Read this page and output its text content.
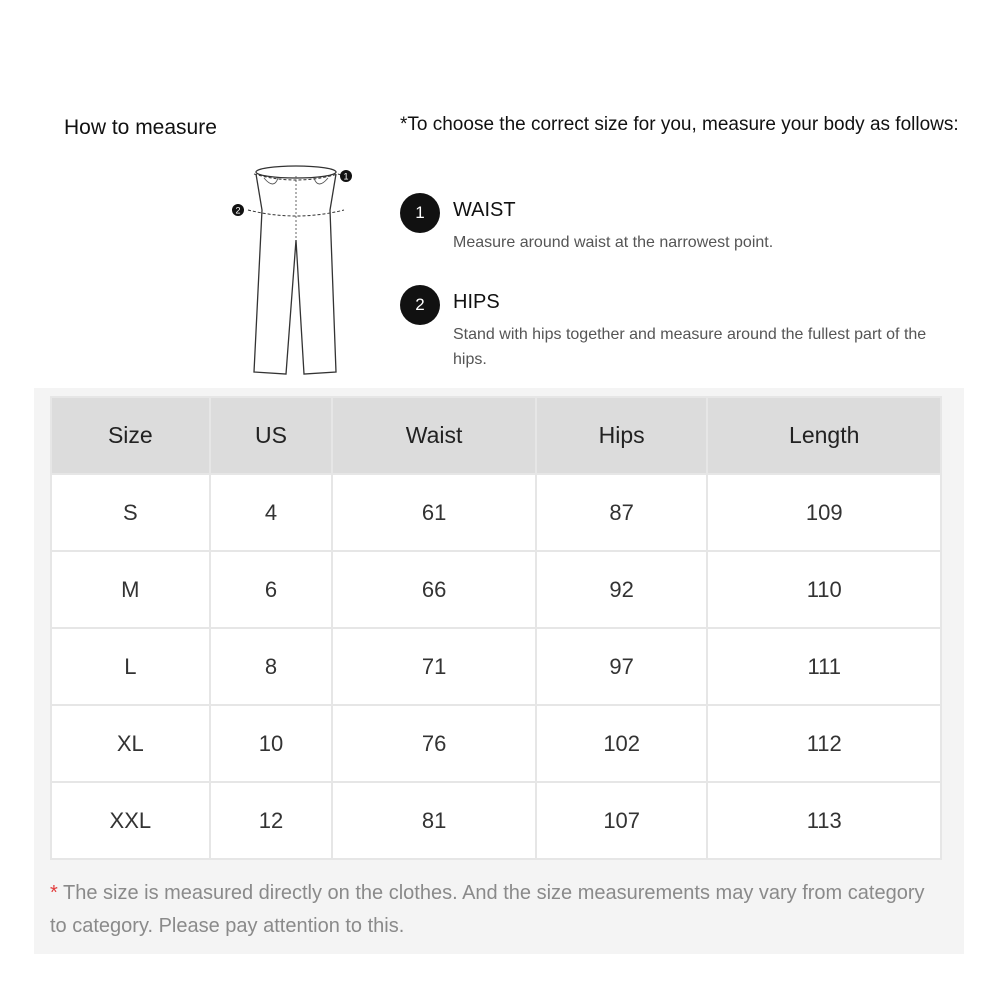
How to measure
1
2
*To choose the correct size for you, measure your body as follows:
1	WAIST
Measure around waist at the narrowest point.
2	HIPS
Stand with hips together and measure around the fullest part of the hips.
Size	US	Waist	Hips	Length
S	4	61	87	109
M	6	66	92	110
L	8	71	97	111
XL	10	76	102	112
XXL	12	81	107	113
* The size is measured directly on the clothes. And the size measurements may vary from category to category. Please pay attention to this.
